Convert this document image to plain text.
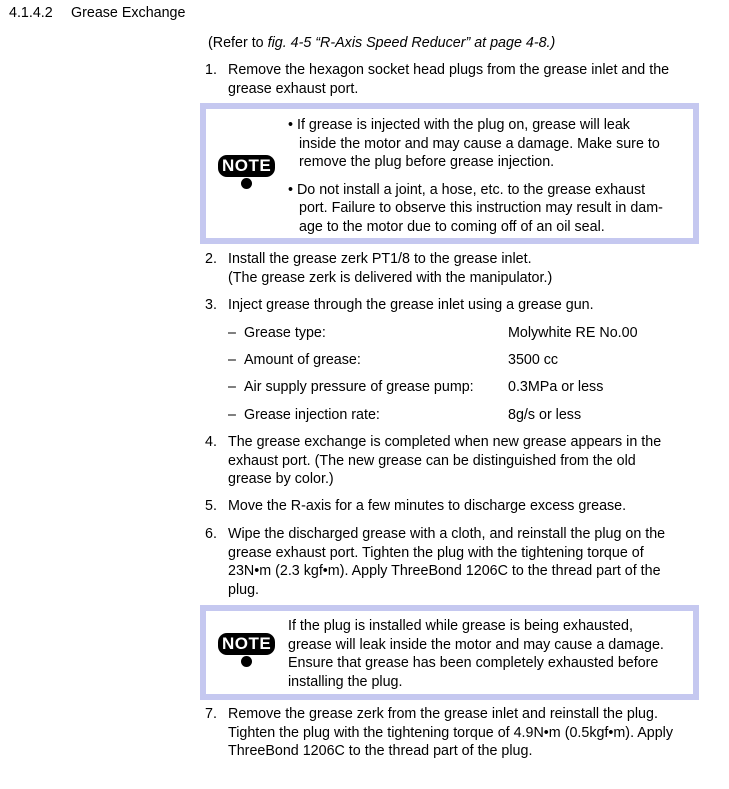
4.1.4.2 Grease Exchange
(Refer to fig. 4-5 “R-Axis Speed Reducer” at page 4-8.)
1. Remove the hexagon socket head plugs from the grease inlet and the
grease exhaust port.
NOTE
• If grease is injected with the plug on, grease will leak
inside the motor and may cause a damage. Make sure to
remove the plug before grease injection.
• Do not install a joint, a hose, etc. to the grease exhaust
port. Failure to observe this instruction may result in dam-
age to the motor due to coming off of an oil seal.
2. Install the grease zerk PT1/8 to the grease inlet.
(The grease zerk is delivered with the manipulator.)
3. Inject grease through the grease inlet using a grease gun.
– Grease type:	Molywhite RE No.00
– Amount of grease:	3500 cc
– Air supply pressure of grease pump: 0.3MPa or less
– Grease injection rate:	8g/s or less
4. The grease exchange is completed when new grease appears in the
exhaust port. (The new grease can be distinguished from the old
grease by color.)
5. Move the R-axis for a few minutes to discharge excess grease.
6. Wipe the discharged grease with a cloth, and reinstall the plug on the
grease exhaust port. Tighten the plug with the tightening torque of
23N•m (2.3 kgf•m). Apply ThreeBond 1206C to the thread part of the
plug.
NOTE
If the plug is installed while grease is being exhausted,
grease will leak inside the motor and may cause a damage.
Ensure that grease has been completely exhausted before
installing the plug.
7. Remove the grease zerk from the grease inlet and reinstall the plug.
Tighten the plug with the tightening torque of 4.9N•m (0.5kgf•m). Apply
ThreeBond 1206C to the thread part of the plug.
